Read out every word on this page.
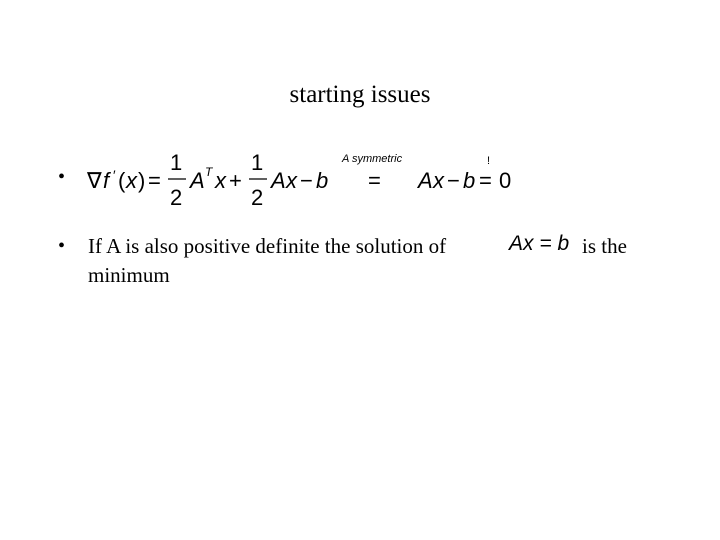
starting issues
• ∇ f ′ ( x ) =
1
2
A T x +
1
2
A x − b
A symmetric
= A x − b
!
= 0
• If A is also positive definite the solution of	Ax = b is the
minimum
